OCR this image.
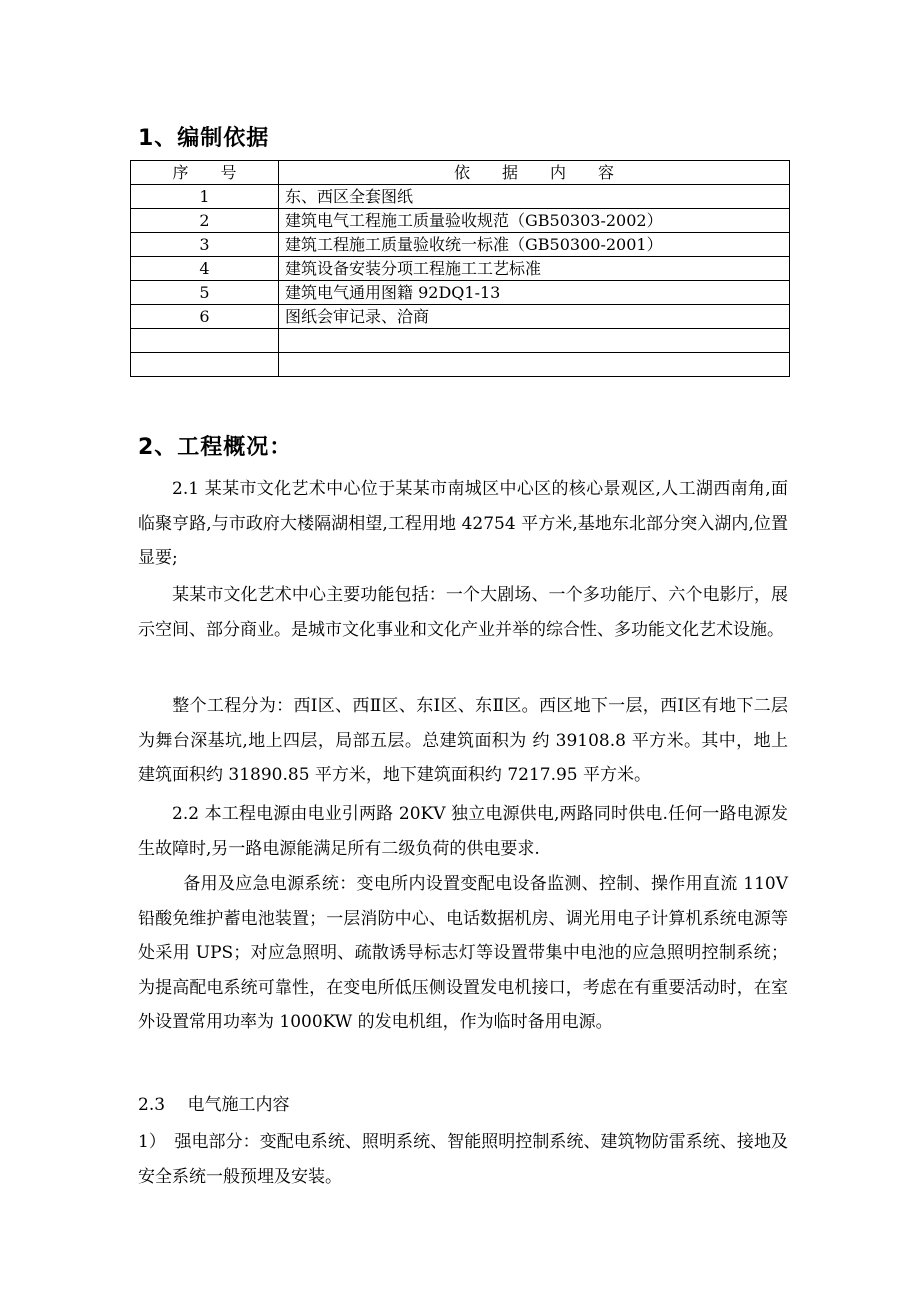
1、编制依据
序　　号	依　　据　　内　　容
1	东、西区全套图纸
2	建筑电气工程施工质量验收规范（GB50303-2002）
3	建筑工程施工质量验收统一标准（GB50300-2001）
4	建筑设备安装分项工程施工工艺标准
5	建筑电气通用图籍 92DQ1-13
6	图纸会审记录、洽商

2、工程概况：

2.1 某某市文化艺术中心位于某某市南城区中心区的核心景观区,人工湖西南角,面临聚亨路,与市政府大楼隔湖相望,工程用地 42754 平方米,基地东北部分突入湖内,位置显要;

某某市文化艺术中心主要功能包括：一个大剧场、一个多功能厅、六个电影厅，展示空间、部分商业。是城市文化事业和文化产业并举的综合性、多功能文化艺术设施。

整个工程分为：西Ⅰ区、西Ⅱ区、东Ⅰ区、东Ⅱ区。西区地下一层，西Ⅰ区有地下二层为舞台深基坑,地上四层，局部五层。总建筑面积为 约 39108.8 平方米。其中，地上建筑面积约 31890.85 平方米，地下建筑面积约 7217.95 平方米。

2.2 本工程电源由电业引两路 20KV 独立电源供电,两路同时供电.任何一路电源发生故障时,另一路电源能满足所有二级负荷的供电要求.

备用及应急电源系统：变电所内设置变配电设备监测、控制、操作用直流 110V 铅酸免维护蓄电池装置；一层消防中心、电话数据机房、调光用电子计算机系统电源等处采用 UPS；对应急照明、疏散诱导标志灯等设置带集中电池的应急照明控制系统；为提高配电系统可靠性，在变电所低压侧设置发电机接口，考虑在有重要活动时，在室外设置常用功率为 1000KW 的发电机组，作为临时备用电源。

2.3　 电气施工内容

1）　强电部分：变配电系统、照明系统、智能照明控制系统、建筑物防雷系统、接地及安全系统一般预埋及安装。
